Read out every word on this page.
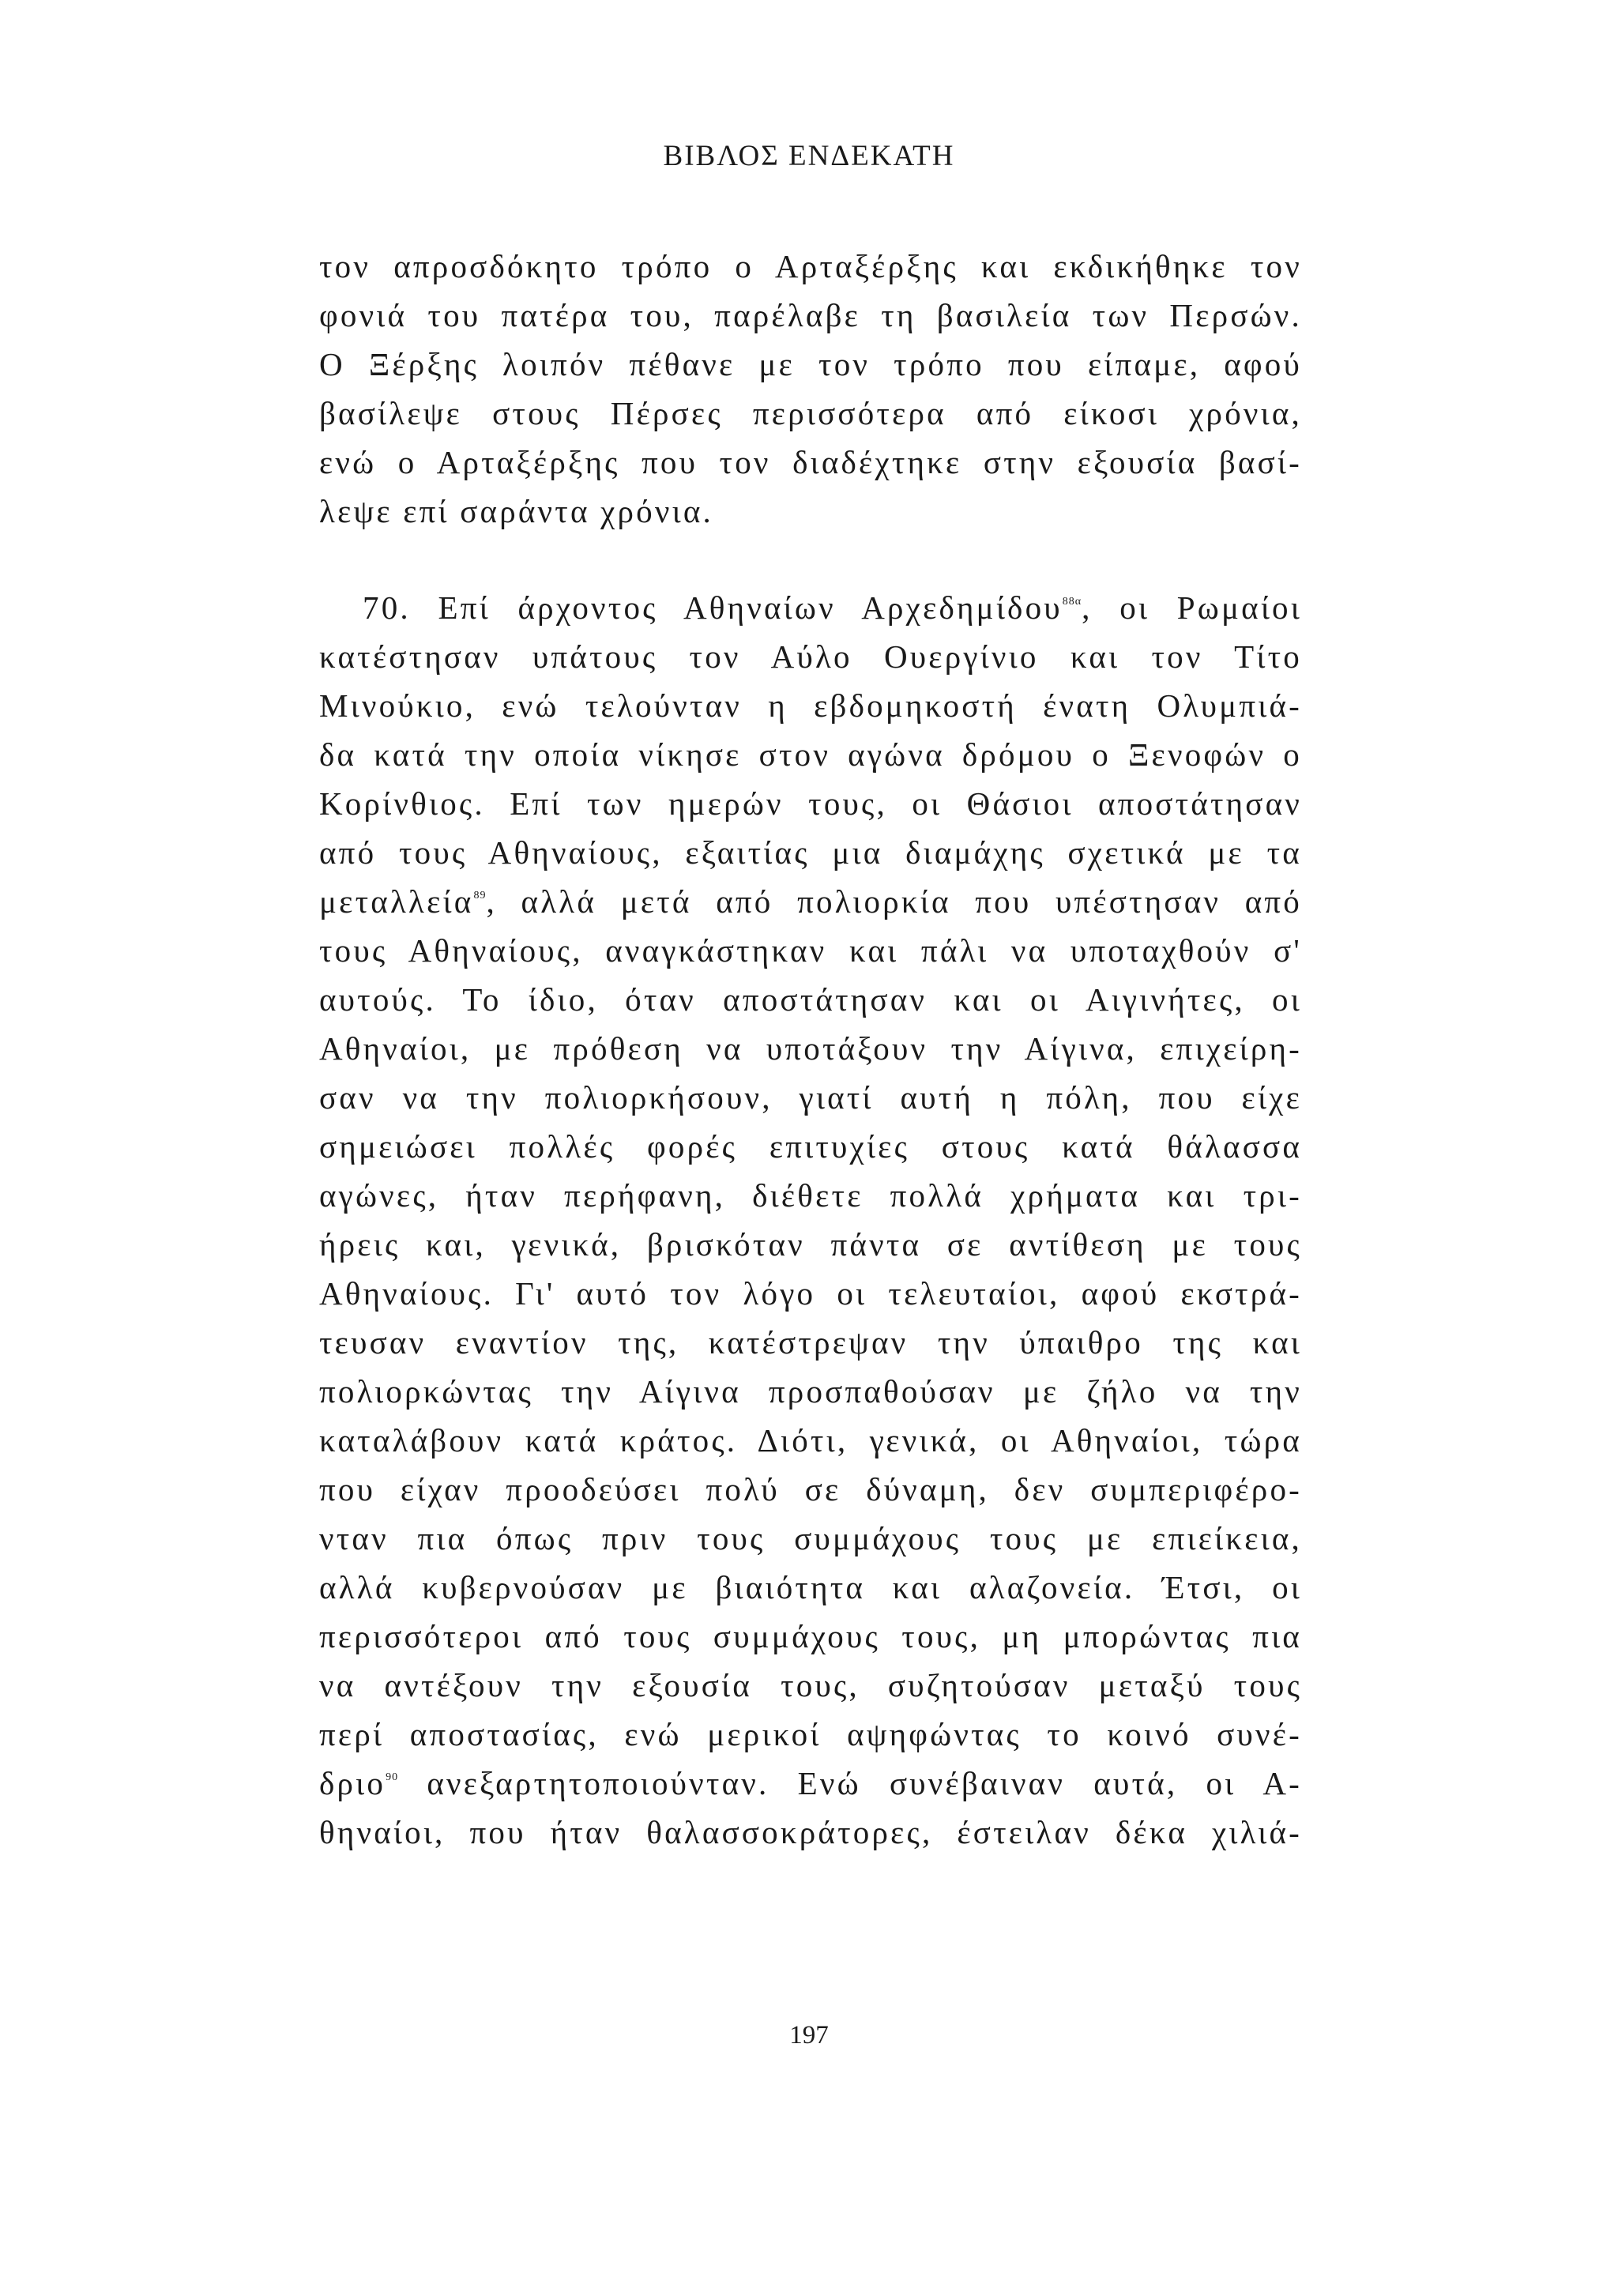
ΒΙΒΛΟΣ ΕΝΔΕΚΑΤΗ
τον απροσδόκητο τρόπο ο Αρταξέρξης και εκδικήθηκε τον
φονιά του πατέρα του, παρέλαβε τη βασιλεία των Περσών.
Ο Ξέρξης λοιπόν πέθανε με τον τρόπο που είπαμε, αφού
βασίλεψε στους Πέρσες περισσότερα από είκοσι χρόνια,
ενώ ο Αρταξέρξης που τον διαδέχτηκε στην εξουσία βασί-
λεψε επί σαράντα χρόνια.
70. Επί άρχοντος Αθηναίων Αρχεδημίδου$^{88\alpha}$, οι Ρωμαίοι
κατέστησαν υπάτους τον Αύλο Ουεργίνιο και τον Τίτο
Μινούκιο, ενώ τελούνταν η εβδομηκοστή ένατη Ολυμπιά-
δα κατά την οποία νίκησε στον αγώνα δρόμου ο Ξενοφών ο
Κορίνθιος. Επί των ημερών τους, οι Θάσιοι αποστάτησαν
από τους Αθηναίους, εξαιτίας μια διαμάχης σχετικά με τα
μεταλλεία$^{89}$, αλλά μετά από πολιορκία που υπέστησαν από
τους Αθηναίους, αναγκάστηκαν και πάλι να υποταχθούν σ'
αυτούς. Το ίδιο, όταν αποστάτησαν και οι Αιγινήτες, οι
Αθηναίοι, με πρόθεση να υποτάξουν την Αίγινα, επιχείρη-
σαν να την πολιορκήσουν, γιατί αυτή η πόλη, που είχε
σημειώσει πολλές φορές επιτυχίες στους κατά θάλασσα
αγώνες, ήταν περήφανη, διέθετε πολλά χρήματα και τρι-
ήρεις και, γενικά, βρισκόταν πάντα σε αντίθεση με τους
Αθηναίους. Γι' αυτό τον λόγο οι τελευταίοι, αφού εκστρά-
τευσαν εναντίον της, κατέστρεψαν την ύπαιθρο της και
πολιορκώντας την Αίγινα προσπαθούσαν με ζήλο να την
καταλάβουν κατά κράτος. Διότι, γενικά, οι Αθηναίοι, τώρα
που είχαν προοδεύσει πολύ σε δύναμη, δεν συμπεριφέρο-
νταν πια όπως πριν τους συμμάχους τους με επιείκεια,
αλλά κυβερνούσαν με βιαιότητα και αλαζονεία. Έτσι, οι
περισσότεροι από τους συμμάχους τους, μη μπορώντας πια
να αντέξουν την εξουσία τους, συζητούσαν μεταξύ τους
περί αποστασίας, ενώ μερικοί αψηφώντας το κοινό συνέ-
δριο$^{90}$ ανεξαρτητοποιούνταν. Ενώ συνέβαιναν αυτά, οι Α-
θηναίοι, που ήταν θαλασσοκράτορες, έστειλαν δέκα χιλιά-
197
